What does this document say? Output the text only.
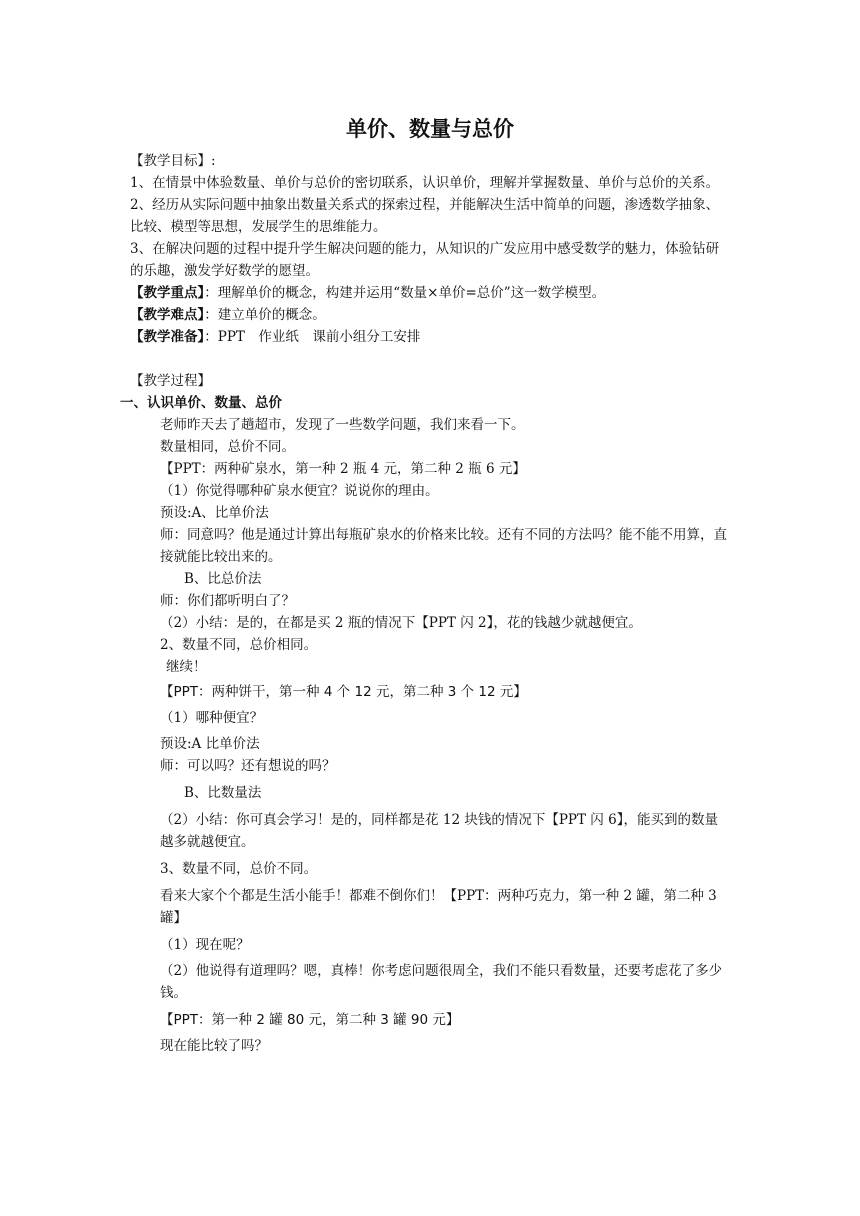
单价、数量与总价

【教学目标】:

1、在情景中体验数量、单价与总价的密切联系，认识单价，理解并掌握数量、单价与总价的关系。

2、经历从实际问题中抽象出数量关系式的探索过程，并能解决生活中简单的问题，渗透数学抽象、比较、模型等思想，发展学生的思维能力。

3、在解决问题的过程中提升学生解决问题的能力，从知识的广发应用中感受数学的魅力，体验钻研的乐趣，激发学好数学的愿望。

【教学重点】：理解单价的概念，构建并运用“数量×单价=总价”这一数学模型。

【教学难点】：建立单价的概念。

【教学准备】：PPT　作业纸　课前小组分工安排

【教学过程】

一、认识单价、数量、总价

老师昨天去了趟超市，发现了一些数学问题，我们来看一下。

数量相同，总价不同。

【PPT：两种矿泉水，第一种 2 瓶 4 元，第二种 2 瓶 6 元】

（1）你觉得哪种矿泉水便宜？说说你的理由。

预设:A、比单价法

师：同意吗？他是通过计算出每瓶矿泉水的价格来比较。还有不同的方法吗？能不能不用算，直接就能比较出来的。

B、比总价法

师：你们都听明白了？

（2）小结：是的，在都是买 2 瓶的情况下【PPT 闪 2】，花的钱越少就越便宜。

2、数量不同，总价相同。

继续！

【PPT：两种饼干，第一种 4 个 12 元，第二种 3 个 12 元】

（1）哪种便宜？

预设:A 比单价法

师：可以吗？还有想说的吗？

B、比数量法

（2）小结：你可真会学习！是的，同样都是花 12 块钱的情况下【PPT 闪 6】，能买到的数量越多就越便宜。

3、数量不同，总价不同。

看来大家个个都是生活小能手！都难不倒你们！【PPT：两种巧克力，第一种 2 罐，第二种 3 罐】

（1）现在呢？

（2）他说得有道理吗？嗯，真棒！你考虑问题很周全，我们不能只看数量，还要考虑花了多少钱。

【PPT：第一种 2 罐 80 元，第二种 3 罐 90 元】

现在能比较了吗？
